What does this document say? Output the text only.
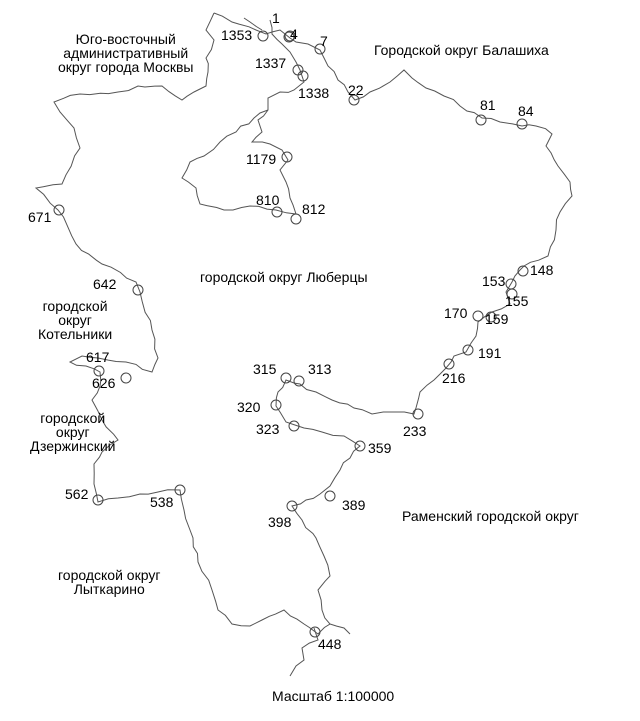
1
4 7
1353
1337
1338 22
81 84
1179
810
812
671
642
617
626
148
153
155
170 159
191
216
233
315 313
320
323
359
389
398
562	538
448
Юго-восточный
административный
округ города Москвы
Городской округ Балашиха
городской округ Люберцы
городской
округ
Котельники
городской
округ
Дзержинский
Раменский городской округ
городской округ
Лыткарино
Масштаб 1:100000
